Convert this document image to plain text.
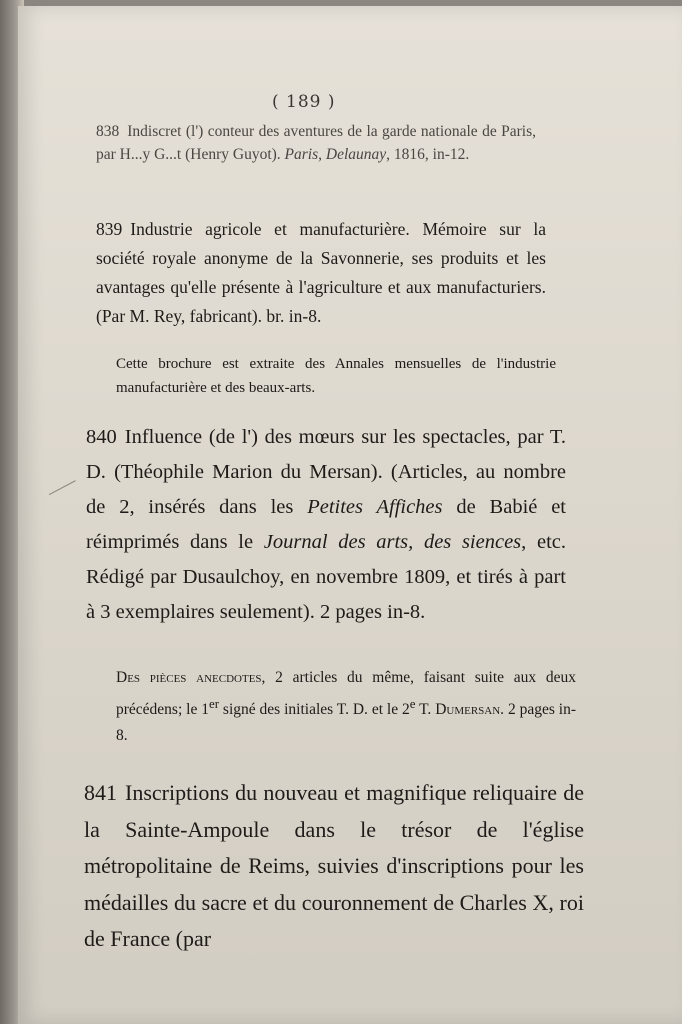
( 189 )
838 Indiscret (l') conteur des aventures de la garde nationale de Paris, par H...y G...t (Henry Guyot). Paris, Delaunay, 1816, in-12.
839 Industrie agricole et manufacturière. Mémoire sur la société royale anonyme de la Savonnerie, ses produits et les avantages qu'elle présente à l'agriculture et aux manufacturiers. (Par M. Rey, fabricant). br. in-8.
Cette brochure est extraite des Annales mensuelles de l'industrie manufacturière et des beaux-arts.
840 Influence (de l') des mœurs sur les spectacles, par T. D. (Théophile Marion du Mersan). (Articles, au nombre de 2, insérés dans les Petites Affiches de Babié et réimprimés dans le Journal des arts, des siences, etc. Rédigé par Dusaulchoy, en novembre 1809, et tirés à part à 3 exemplaires seulement). 2 pages in-8.
Des pièces anecdotes, 2 articles du même, faisant suite aux deux précédens; le 1er signé des initiales T. D. et le 2e T. Dumersan. 2 pages in-8.
841 Inscriptions du nouveau et magnifique reliquaire de la Sainte-Ampoule dans le trésor de l'église métropolitaine de Reims, suivies d'inscriptions pour les médailles du sacre et du couronnement de Charles X, roi de France (par
